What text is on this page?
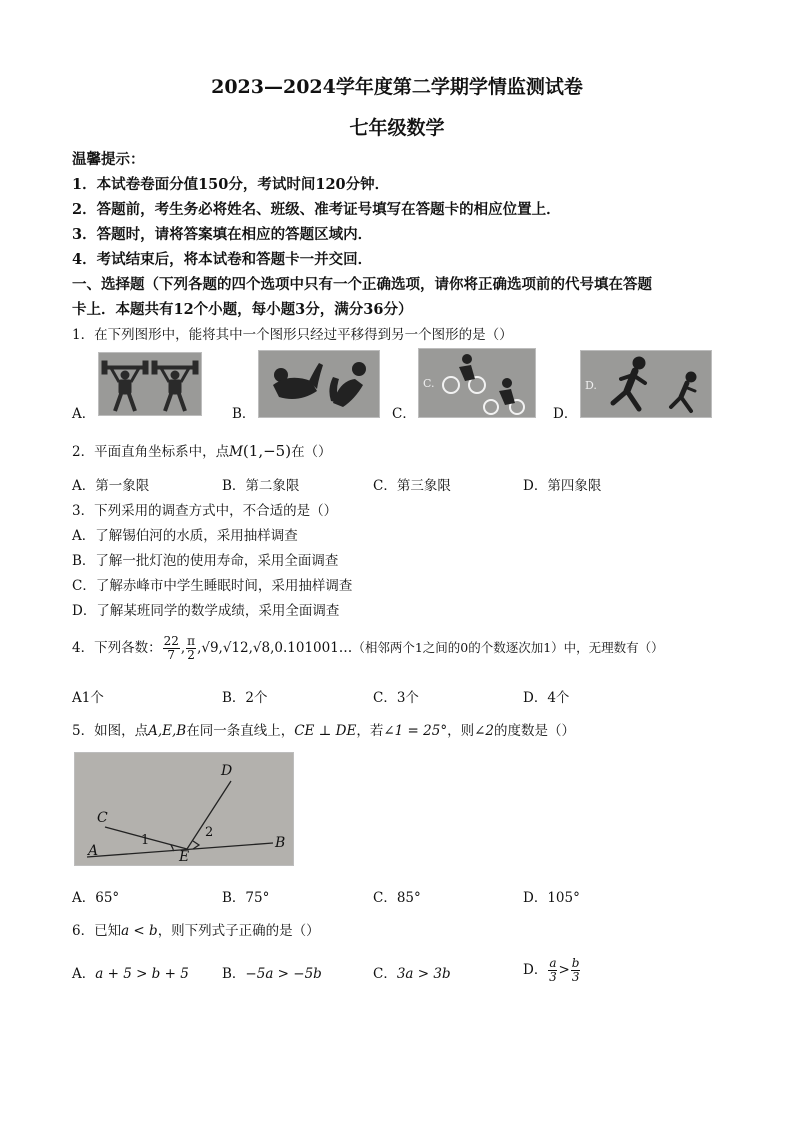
2023—2024学年度第二学期学情监测试卷
七年级数学
温馨提示：
1．本试卷卷面分值150分，考试时间120分钟．
2．答题前，考生务必将姓名、班级、准考证号填写在答题卡的相应位置上．
3．答题时，请将答案填在相应的答题区域内．
4．考试结束后，将本试卷和答题卡一并交回．
一、选择题（下列各题的四个选项中只有一个正确选项，请你将正确选项前的代号填在答题
卡上．本题共有12个小题，每小题3分，满分36分）
1．在下列图形中，能将其中一个图形只经过平移得到另一个图形的是（）
A．	B．	C．
C.
D．
D.
2．平面直角坐标系中，点M(1,−5)在（）
A．第一象限	B．第二象限	C．第三象限	D．第四象限
3．下列采用的调查方式中，不合适的是（）
A．了解锡伯河的水质，采用抽样调查
B．了解一批灯泡的使用寿命，采用全面调查
C．了解赤峰市中学生睡眠时间，采用抽样调查
D．了解某班同学的数学成绩，采用全面调查
4．下列各数： $\frac{22}{7}$ , $\frac{\pi}{2}$ ,√9,√12,√8,0.101001…（相邻两个1之间的0的个数逐次加1）中，无理数有（）
A1个	B．2个	C．3个	D．4个
5．如图，点A,E,B在同一条直线上，CE ⊥ DE，若∠1 = 25°，则∠2的度数是（）
A	B
C
D
E
1
2
A．65°	B．75°	C．85°	D．105°
6．已知a < b，则下列式子正确的是（）
A．a + 5 > b + 5 B．−5a > −5b	C．3a > 3b	D． $\frac{a}{3} > \frac{b}{3}$
